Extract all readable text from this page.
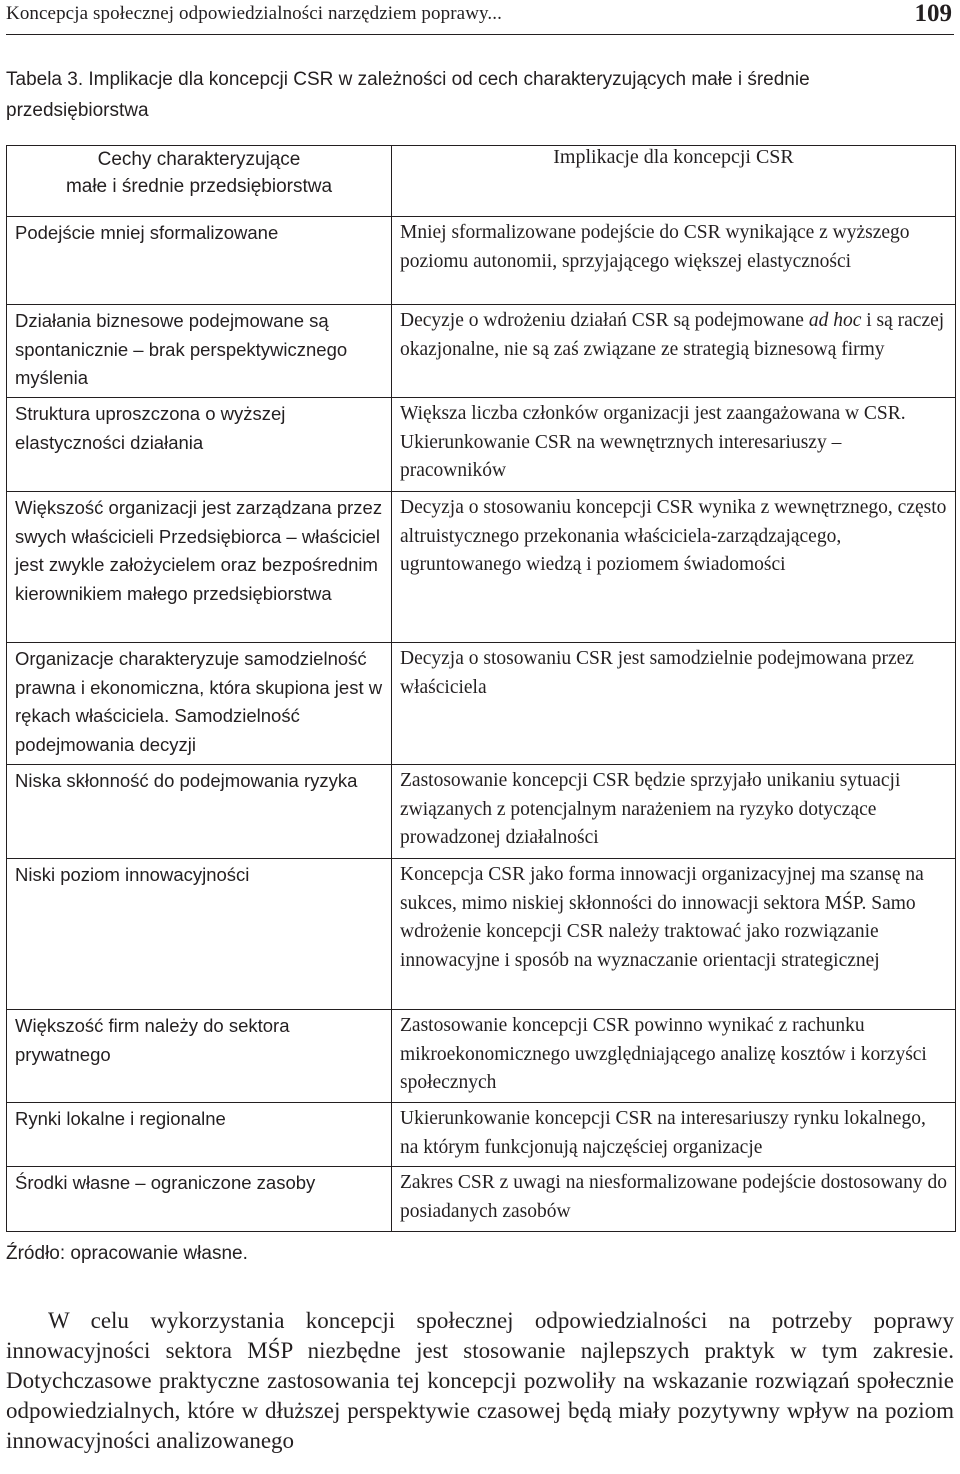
Koncepcja społecznej odpowiedzialności narzędziem poprawy...	109
Tabela 3. Implikacje dla koncepcji CSR w zależności od cech charakteryzujących małe i średnie przedsiębiorstwa
Cechy charakteryzujące
małe i średnie przedsiębiorstwa	Implikacje dla koncepcji CSR
Podejście mniej sformalizowane	Mniej sformalizowane podejście do CSR wynikające z wyższego poziomu autonomii, sprzyjającego większej elastyczności
Działania biznesowe podejmowane są spontanicznie – brak perspektywicznego myślenia	Decyzje o wdrożeniu działań CSR są podejmowane ad hoc i są raczej okazjonalne, nie są zaś związane ze strategią biznesową firmy
Struktura uproszczona o wyższej elastyczności działania	Większa liczba członków organizacji jest zaangażowana w CSR. Ukierunkowanie CSR na wewnętrznych interesariuszy – pracowników
Większość organizacji jest zarządzana przez swych właścicieli Przedsiębiorca – właściciel jest zwykle założycielem oraz bezpośrednim kierownikiem małego przedsiębiorstwa	Decyzja o stosowaniu koncepcji CSR wynika z wewnętrznego, często altruistycznego przekonania właściciela-zarządzającego, ugruntowanego wiedzą i poziomem świadomości
Organizacje charakteryzuje samodzielność prawna i ekonomiczna, która skupiona jest w rękach właściciela. Samodzielność podejmowania decyzji	Decyzja o stosowaniu CSR jest samodzielnie podejmowana przez właściciela
Niska skłonność do podejmowania ryzyka	Zastosowanie koncepcji CSR będzie sprzyjało unikaniu sytuacji związanych z potencjalnym narażeniem na ryzyko dotyczące prowadzonej działalności
Niski poziom innowacyjności	Koncepcja CSR jako forma innowacji organizacyjnej ma szansę na sukces, mimo niskiej skłonności do innowacji sektora MŚP. Samo wdrożenie koncepcji CSR należy traktować jako rozwiązanie innowacyjne i sposób na wyznaczanie orientacji strategicznej
Większość firm należy do sektora prywatnego	Zastosowanie koncepcji CSR powinno wynikać z rachunku mikroekonomicznego uwzględniającego analizę kosztów i korzyści społecznych
Rynki lokalne i regionalne	Ukierunkowanie koncepcji CSR na interesariuszy rynku lokalnego, na którym funkcjonują najczęściej organizacje
Środki własne – ograniczone zasoby	Zakres CSR z uwagi na niesformalizowane podejście dostosowany do posiadanych zasobów
Źródło: opracowanie własne.
W celu wykorzystania koncepcji społecznej odpowiedzialności na potrzeby poprawy innowacyjności sektora MŚP niezbędne jest stosowanie najlepszych praktyk w tym zakresie. Dotychczasowe praktyczne zastosowania tej koncepcji pozwoliły na wskazanie rozwiązań społecznie odpowiedzialnych, które w dłuższej perspektywie czasowej będą miały pozytywny wpływ na poziom innowacyjności analizowanego
